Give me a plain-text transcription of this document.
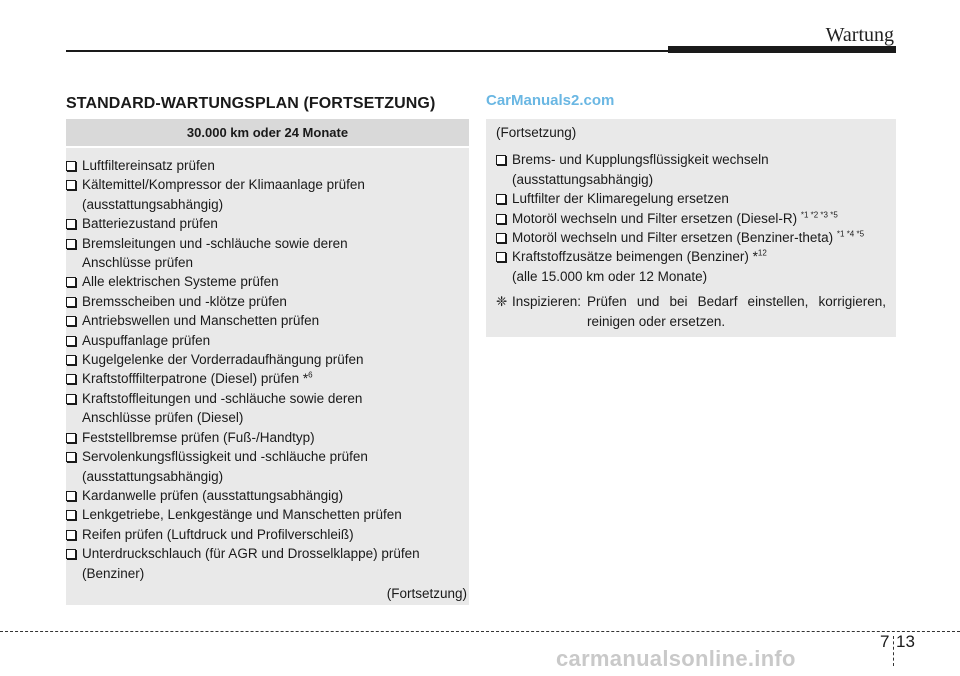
Wartung
STANDARD-WARTUNGSPLAN (FORTSETZUNG)	CarManuals2.com
30.000 km oder 24 Monate
Luftfiltereinsatz prüfen
Kältemittel/Kompressor der Klimaanlage prüfen
(ausstattungsabhängig)
Batteriezustand prüfen
Bremsleitungen und -schläuche sowie deren
Anschlüsse prüfen
Alle elektrischen Systeme prüfen
Bremsscheiben und -klötze prüfen
Antriebswellen und Manschetten prüfen
Auspuffanlage prüfen
Kugelgelenke der Vorderradaufhängung prüfen
Kraftstofffilterpatrone (Diesel) prüfen *$^6$
Kraftstoffleitungen und -schläuche sowie deren
Anschlüsse prüfen (Diesel)
Feststellbremse prüfen (Fuß-/Handtyp)
Servolenkungsflüssigkeit und -schläuche prüfen
(ausstattungsabhängig)
Kardanwelle prüfen (ausstattungsabhängig)
Lenkgetriebe, Lenkgestänge und Manschetten prüfen
Reifen prüfen (Luftdruck und Profilverschleiß)
Unterdruckschlauch (für AGR und Drosselklappe) prüfen
(Benziner)
(Fortsetzung)
(Fortsetzung)
Brems- und Kupplungsflüssigkeit wechseln
(ausstattungsabhängig)
Luftfilter der Klimaregelung ersetzen
Motoröl wechseln und Filter ersetzen (Diesel-R) $^{*1 *2 *3 *5}$
Motoröl wechseln und Filter ersetzen (Benziner-theta) $^{*1 *4 *5}$
Kraftstoffzusätze beimengen (Benziner) *$^{12}$
(alle 15.000 km oder 12 Monate)
❈ Inspizieren: Prüfen und bei Bedarf einstellen, korrigieren,
reinigen oder ersetzen.
7 13
carmanualsonline.info
